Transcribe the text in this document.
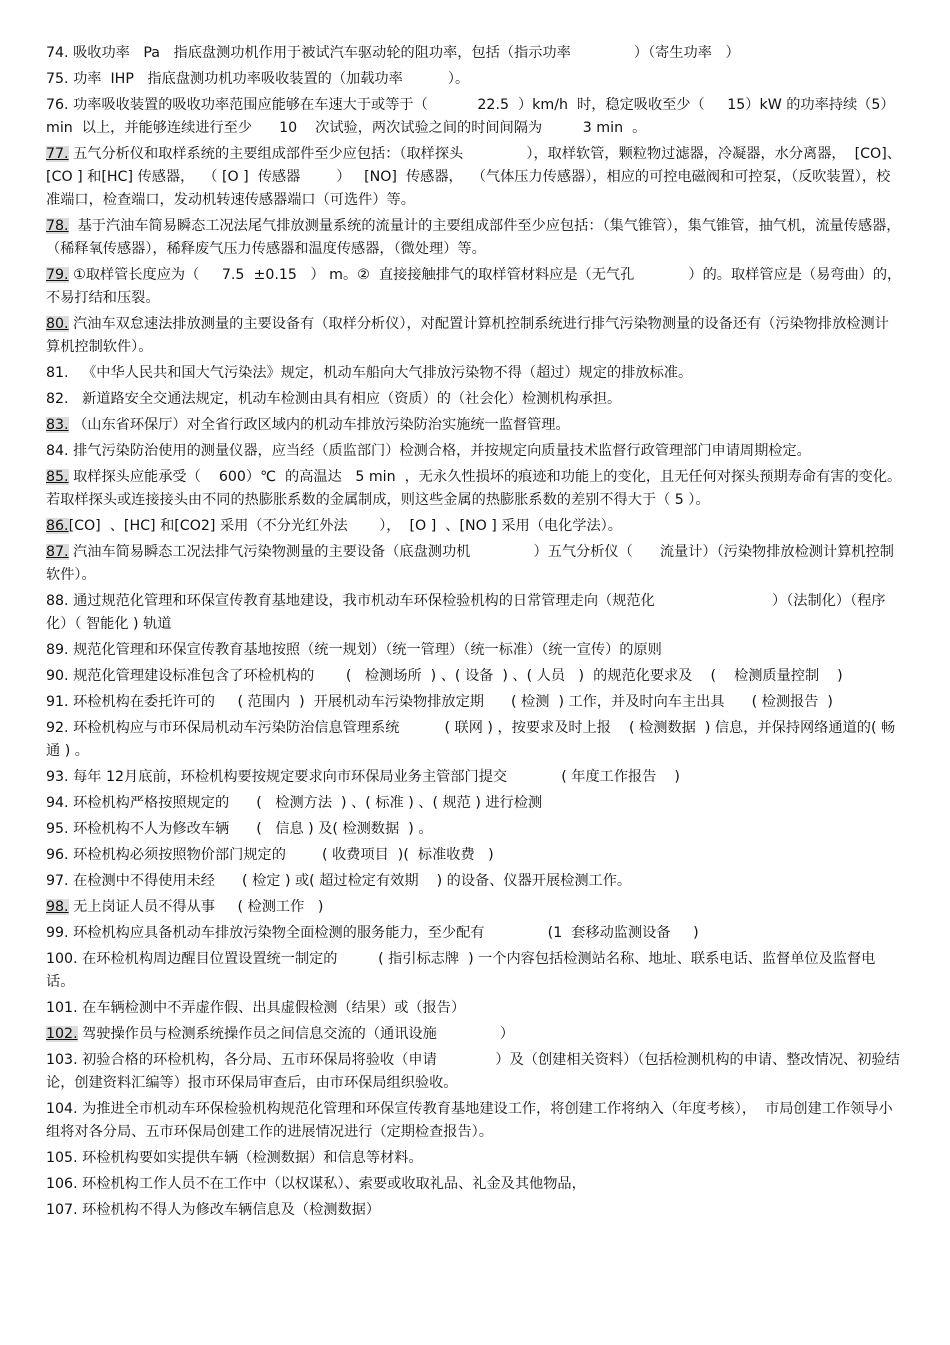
74. 吸收功率   Pa   指底盘测功机作用于被试汽车驱动轮的阻功率，包括（指示功率              ）（寄生功率   ）
75. 功率  IHP   指底盘测功机功率吸收装置的（加载功率          ）。
76. 功率吸收装置的吸收功率范围应能够在车速大于或等于（           22.5  ）km/h  时，稳定吸收至少（     15）kW 的功率持续（5） min  以上，并能够连续进行至少      10    次试验，两次试验之间的时间间隔为         3 min  。
77. 五气分析仪和取样系统的主要组成部件至少应包括：（取样探头              ），取样软管，颗粒物过滤器，冷凝器，水分离器，  [CO]、[CO ] 和[HC] 传感器，  （ [O ]  传感器        ）   [NO]  传感器，  （气体压力传感器），相应的可控电磁阀和可控泵，（反吹装置），校准端口，检查端口，发动机转速传感器端口（可选件）等。
78.  基于汽油车简易瞬态工况法尾气排放测量系统的流量计的主要组成部件至少应包括：（集气锥管），集气锥管，抽气机，流量传感器，（稀释氧传感器），稀释废气压力传感器和温度传感器，（微处理）等。
79. ①取样管长度应为（     7.5  ±0.15   ） m。②  直接接触排气的取样管材料应是（无气孔            ）的。取样管应是（易弯曲）的，不易打结和压裂。
80. 汽油车双怠速法排放测量的主要设备有（取样分析仪），对配置计算机控制系统进行排气污染物测量的设备还有（污染物排放检测计算机控制软件）。
81.   《中华人民共和国大气污染法》规定，机动车船向大气排放污染物不得（超过）规定的排放标准。
82.   新道路安全交通法规定，机动车检测由具有相应（资质）的（社会化）检测机构承担。
83. （山东省环保厅）对全省行政区域内的机动车排放污染防治实施统一监督管理。
84. 排气污染防治使用的测量仪器，应当经（质监部门）检测合格，并按规定向质量技术监督行政管理部门申请周期检定。
85. 取样探头应能承受（    600）℃  的高温达   5 min  ，无永久性损坏的痕迹和功能上的变化，且无任何对探头预期寿命有害的变化。若取样探头或连接接头由不同的热膨胀系数的金属制成，则这些金属的热膨胀系数的差别不得大于（ 5 ）。
86.[CO]  、[HC] 和[CO2] 采用（不分光红外法       ），  [O ]  、[NO ] 采用（电化学法）。
87. 汽油车简易瞬态工况法排气污染物测量的主要设备（底盘测功机              ）五气分析仪（      流量计）（污染物排放检测计算机控制软件）。
88. 通过规范化管理和环保宣传教育基地建设，我市机动车环保检验机构的日常管理走向（规范化                          ）（法制化）（程序化）（ 智能化 ) 轨道
89. 规范化管理和环保宣传教育基地按照（统一规划）（统一管理）（统一标准）（统一宣传）的原则
90. 规范化管理建设标准包含了环检机构的       (   检测场所  ) 、( 设备  ) 、( 人员   )  的规范化要求及    (    检测质量控制    )
91. 环检机构在委托许可的     ( 范围内  )  开展机动车污染物排放定期      ( 检测  ) 工作，并及时向车主出具      ( 检测报告  )
92. 环检机构应与市环保局机动车污染防治信息管理系统          ( 联网 ) ，按要求及时上报    ( 检测数据  ) 信息，并保持网络通道的( 畅通 ) 。
93. 每年 12月底前，环检机构要按规定要求向市环保局业务主管部门提交            ( 年度工作报告    )
94. 环检机构严格按照规定的      (   检测方法  ) 、( 标准 ) 、( 规范 ) 进行检测
95. 环检机构不人为修改车辆      (   信息 ) 及( 检测数据  ) 。
96. 环检机构必须按照物价部门规定的        ( 收费项目  )(  标准收费   )
97. 在检测中不得使用未经      ( 检定 ) 或( 超过检定有效期    ) 的设备、仪器开展检测工作。
98. 无上岗证人员不得从事     ( 检测工作   )
99. 环检机构应具备机动车排放污染物全面检测的服务能力，至少配有              (1  套移动监测设备     )
100. 在环检机构周边醒目位置设置统一制定的         ( 指引标志牌  ) 一个内容包括检测站名称、地址、联系电话、监督单位及监督电话。
101. 在车辆检测中不弄虚作假、出具虚假检测（结果）或（报告）
102. 驾驶操作员与检测系统操作员之间信息交流的（通讯设施              ）
103. 初验合格的环检机构，各分局、五市环保局将验收（申请             ）及（创建相关资料）（包括检测机构的申请、整改情况、初验结论，创建资料汇编等）报市环保局审查后，由市环保局组织验收。
104. 为推进全市机动车环保检验机构规范化管理和环保宣传教育基地建设工作，将创建工作将纳入（年度考核），  市局创建工作领导小组将对各分局、五市环保局创建工作的进展情况进行（定期检查报告）。
105. 环检机构要如实提供车辆（检测数据）和信息等材料。
106. 环检机构工作人员不在工作中（以权谋私）、索要或收取礼品、礼金及其他物品，
107. 环检机构不得人为修改车辆信息及（检测数据）
